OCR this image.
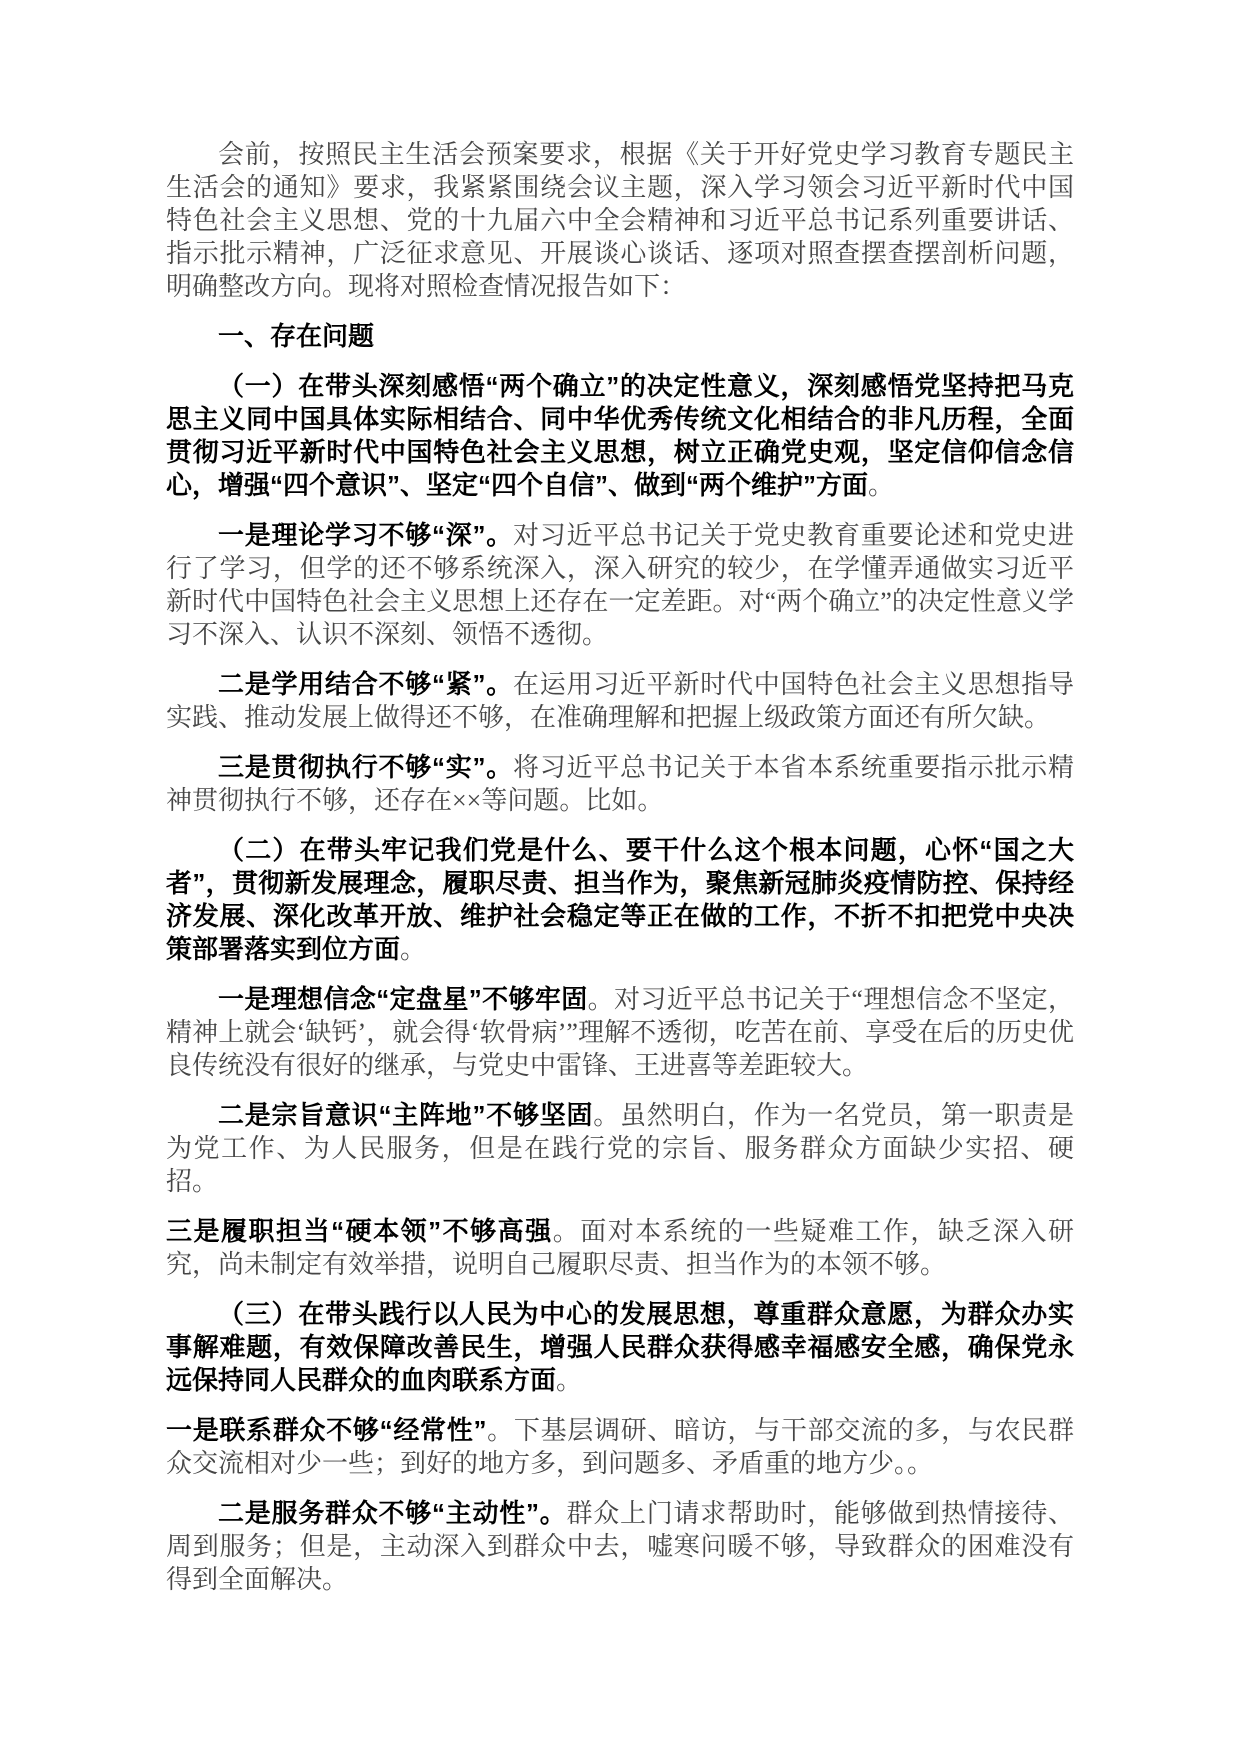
会前，按照民主生活会预案要求，根据《关于开好党史学习教育专题民主生活会的通知》要求，我紧紧围绕会议主题，深入学习领会习近平新时代中国特色社会主义思想、党的十九届六中全会精神和习近平总书记系列重要讲话、指示批示精神，广泛征求意见、开展谈心谈话、逐项对照查摆查摆剖析问题，明确整改方向。现将对照检查情况报告如下：

一、存在问题

（一）在带头深刻感悟“两个确立”的决定性意义，深刻感悟党坚持把马克思主义同中国具体实际相结合、同中华优秀传统文化相结合的非凡历程，全面贯彻习近平新时代中国特色社会主义思想，树立正确党史观，坚定信仰信念信心，增强“四个意识”、坚定“四个自信”、做到“两个维护”方面。

一是理论学习不够“深”。对习近平总书记关于党史教育重要论述和党史进行了学习，但学的还不够系统深入，深入研究的较少，在学懂弄通做实习近平新时代中国特色社会主义思想上还存在一定差距。对“两个确立”的决定性意义学习不深入、认识不深刻、领悟不透彻。

二是学用结合不够“紧”。在运用习近平新时代中国特色社会主义思想指导实践、推动发展上做得还不够，在准确理解和把握上级政策方面还有所欠缺。

三是贯彻执行不够“实”。将习近平总书记关于本省本系统重要指示批示精神贯彻执行不够，还存在××等问题。比如。

（二）在带头牢记我们党是什么、要干什么这个根本问题，心怀“国之大者”，贯彻新发展理念，履职尽责、担当作为，聚焦新冠肺炎疫情防控、保持经济发展、深化改革开放、维护社会稳定等正在做的工作，不折不扣把党中央决策部署落实到位方面。

一是理想信念“定盘星”不够牢固。对习近平总书记关于“理想信念不坚定，精神上就会‘缺钙’，就会得‘软骨病’”理解不透彻，吃苦在前、享受在后的历史优良传统没有很好的继承，与党史中雷锋、王进喜等差距较大。

二是宗旨意识“主阵地”不够坚固。虽然明白，作为一名党员，第一职责是为党工作、为人民服务，但是在践行党的宗旨、服务群众方面缺少实招、硬招。

三是履职担当“硬本领”不够高强。面对本系统的一些疑难工作，缺乏深入研究，尚未制定有效举措，说明自己履职尽责、担当作为的本领不够。

（三）在带头践行以人民为中心的发展思想，尊重群众意愿，为群众办实事解难题，有效保障改善民生，增强人民群众获得感幸福感安全感，确保党永远保持同人民群众的血肉联系方面。

一是联系群众不够“经常性”。下基层调研、暗访，与干部交流的多，与农民群众交流相对少一些；到好的地方多，到问题多、矛盾重的地方少。。

二是服务群众不够“主动性”。群众上门请求帮助时，能够做到热情接待、周到服务；但是，主动深入到群众中去，嘘寒问暖不够，导致群众的困难没有得到全面解决。
